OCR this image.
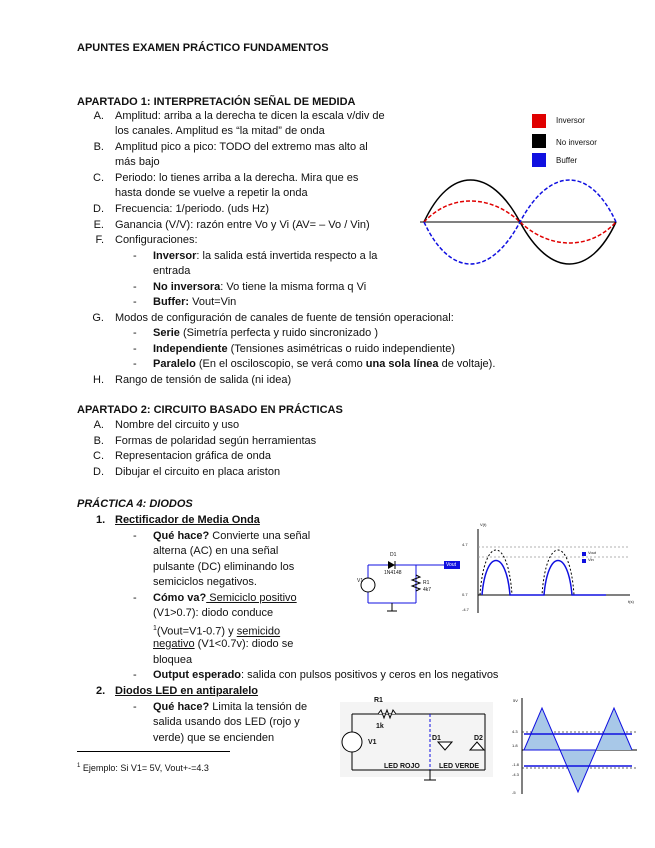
APUNTES EXAMEN PRÁCTICO FUNDAMENTOS
APARTADO 1: INTERPRETACIÓN SEÑAL DE MEDIDA
A. Amplitud: arriba a la derecha te dicen la escala v/div de
los canales. Amplitud es “la mitad” de onda
B. Amplitud pico a pico: TODO del extremo mas alto al
más bajo
C. Periodo: lo tienes arriba a la derecha. Mira que es
hasta donde se vuelve a repetir la onda
D. Frecuencia: 1/periodo. (uds Hz)
E. Ganancia (V/V): razón entre Vo y Vi (AV= – Vo / Vin)
F. Configuraciones:
- Inversor: la salida está invertida respecto a la
entrada
- No inversora: Vo tiene la misma forma q Vi
- Buffer: Vout=Vin
G. Modos de configuración de canales de fuente de tensión operacional:
- Serie (Simetría perfecta y ruido sincronizado )
- Independiente (Tensiones asimétricas o ruido independiente)
- Paralelo (En el osciloscopio, se verá como una sola línea de voltaje).
H. Rango de tensión de salida (ni idea)
Inversor
No inversor
Buffer
APARTADO 2: CIRCUITO BASADO EN PRÁCTICAS
A. Nombre del circuito y uso
B. Formas de polaridad según herramientas
C. Representacion gráfica de onda
D. Dibujar el circuito en placa ariston
PRÁCTICA 4: DIODOS
1. Rectificador de Media Onda
- Qué hace? Convierte una señal
alterna (AC) en una señal
pulsante (DC) eliminando los
semiciclos negativos.
- Cómo va? Semiciclo positivo
(V1>0.7): diodo conduce
$^1$(Vout=V1-0.7) y semicido
negativo (V1<0.7v): diodo se
bloquea
- Output esperado: salida con pulsos positivos y ceros en los negativos
D1
1N4148
V1	R1
4k7
Vout
V(t)
4.7
0.7
-4.7
t(s)
Vout
Vin
2. Diodos LED en antiparalelo
- Qué hace? Limita la tensión de
salida usando dos LED (rojo y
verde) que se encienden
R1
1k
V1
D1	D2
LED ROJO	LED VERDE
5V
4.3
1.8
-1.8
-4.3
-5
$^1$ Ejemplo: Si V1= 5V, Vout+-=4.3
